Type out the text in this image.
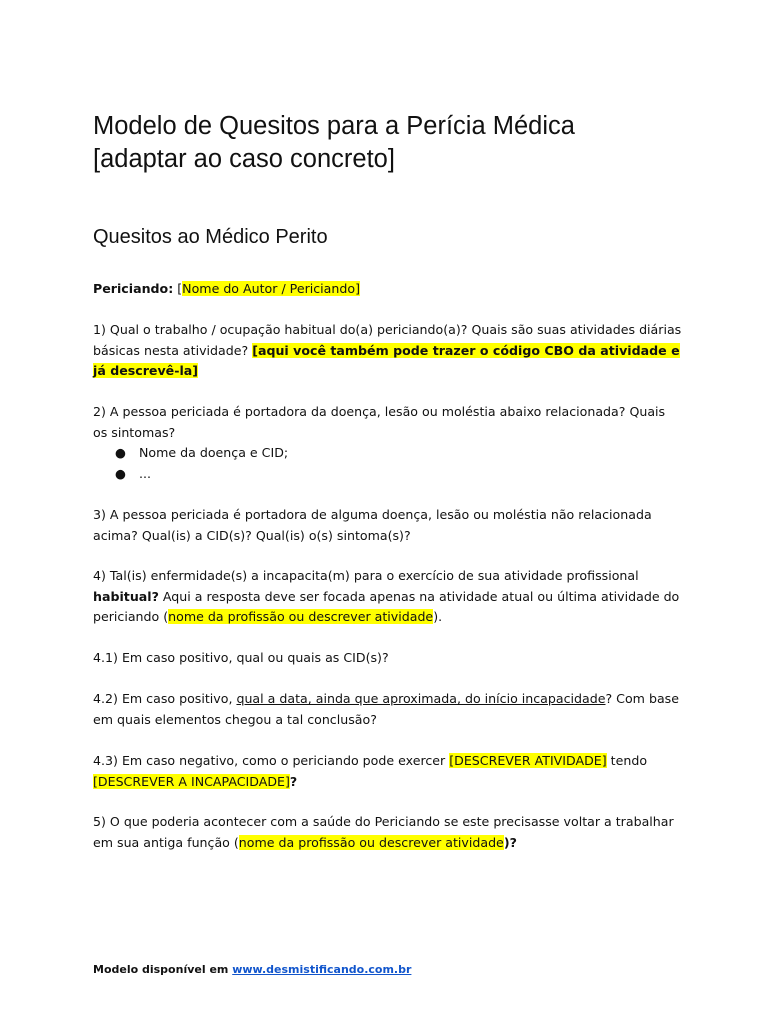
Modelo de Quesitos para a Perícia Médica
[adaptar ao caso concreto]
Quesitos ao Médico Perito

Periciando: [Nome do Autor / Periciando]

1) Qual o trabalho / ocupação habitual do(a) periciando(a)? Quais são suas atividades diárias básicas nesta atividade? [aqui você também pode trazer o código CBO da atividade e já descrevê-la]

2) A pessoa periciada é portadora da doença, lesão ou moléstia abaixo relacionada? Quais os sintomas?

● Nome da doença e CID;
● ...

3) A pessoa periciada é portadora de alguma doença, lesão ou moléstia não relacionada acima? Qual(is) a CID(s)? Qual(is) o(s) sintoma(s)?

4) Tal(is) enfermidade(s) a incapacita(m) para o exercício de sua atividade profissional habitual? Aqui a resposta deve ser focada apenas na atividade atual ou última atividade do periciando (nome da profissão ou descrever atividade).

4.1) Em caso positivo, qual ou quais as CID(s)?

4.2) Em caso positivo, qual a data, ainda que aproximada, do início incapacidade? Com base em quais elementos chegou a tal conclusão?

4.3) Em caso negativo, como o periciando pode exercer [DESCREVER ATIVIDADE] tendo
[DESCREVER A INCAPACIDADE]?

5) O que poderia acontecer com a saúde do Periciando se este precisasse voltar a trabalhar em sua antiga função (nome da profissão ou descrever atividade)?

Modelo disponível em www.desmistificando.com.br
